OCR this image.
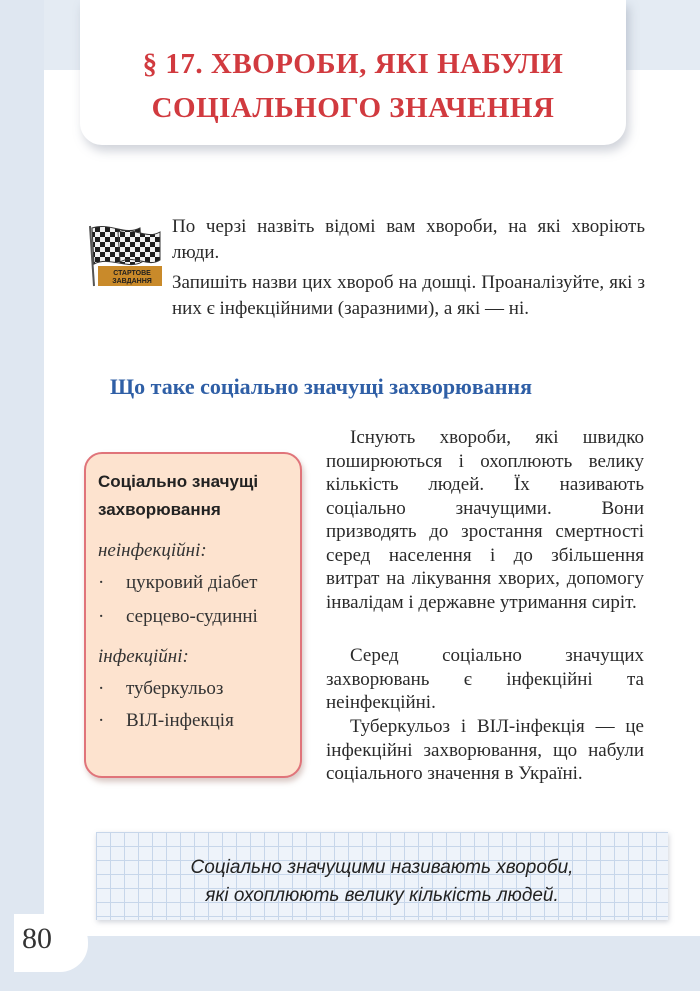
§ 17. ХВОРОБИ, ЯКІ НАБУЛИ
СОЦІАЛЬНОГО ЗНАЧЕННЯ
СТАРТОВЕ ЗАВДАННЯ
По черзі назвіть відомі вам хвороби, на які хворіють люди.
Запишіть назви цих хвороб на дошці. Проаналізуйте, які з них є інфекційними (заразними), а які — ні.
Що таке соціально значущі захворювання
Соціально значущі захворювання
неінфекційні:
· цукровий діабет
· серцево-судинні
інфекційні:
· туберкульоз
· ВІЛ-інфекція
Існують хвороби, які швидко поширюються і охоплюють велику кількість людей. Їх називають соціально значущими. Вони призводять до зростання смертності серед населення і до збільшення витрат на лікування хворих, допомогу інвалідам і державне утримання сиріт.
Серед соціально значущих захворювань є інфекційні та неінфекційні.
Туберкульоз і ВІЛ-інфекція — це інфекційні захворювання, що набули соціального значення в Україні.
Соціально значущими називають хвороби,
які охоплюють велику кількість людей.
80
